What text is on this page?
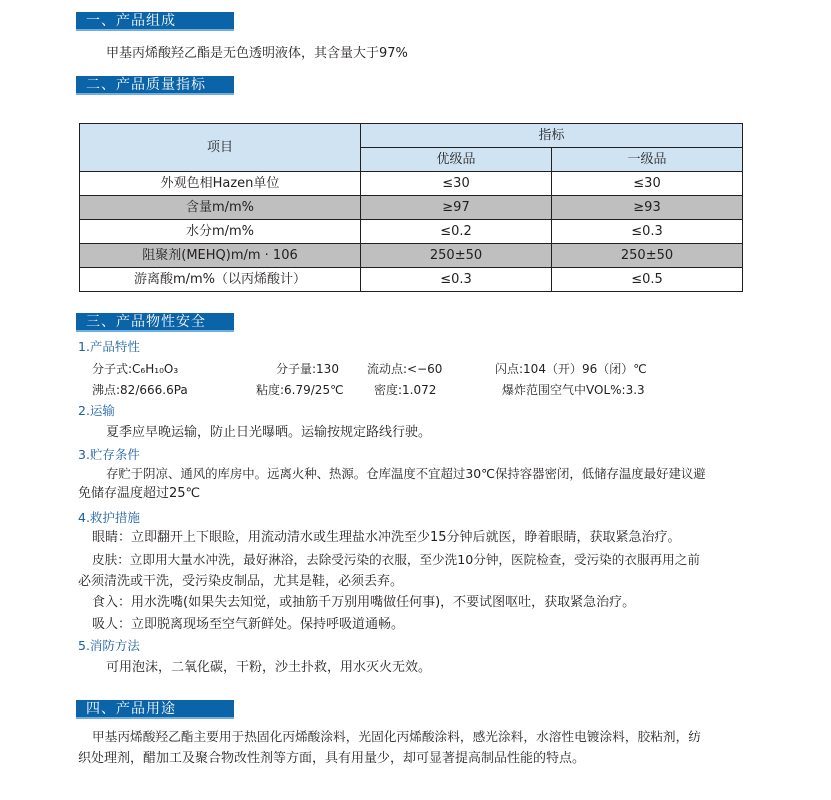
一、产品组成
甲基丙烯酸羟乙酯是无色透明液体，其含量大于97%
二、产品质量指标
项目	指标	
	优级品	一级品
外观色相Hazen单位	≤30	≤30
含量m/m%	≥97	≥93
水分m/m%	≤0.2	≤0.3
阻聚剂(MEHQ)m/m · 106	250±50	250±50
游离酸m/m%（以丙烯酸计）	≤0.3	≤0.5
三、产品物性安全
1.产品特性
分子式:C₆H₁₀O₃	分子量:130 流动点:<−60	闪点:104（开）96（闭）℃
沸点:82/666.6Pa	粘度:6.79/25℃	密度:1.072	爆炸范围空气中VOL%:3.3
2.运输
夏季应早晚运输，防止日光曝晒。运输按规定路线行驶。
3.贮存条件
存贮于阴凉、通风的库房中。远离火种、热源。仓库温度不宜超过30℃保持容器密闭，低储存温度最好建议避
免储存温度超过25℃
4.救护措施
眼睛：立即翻开上下眼睑，用流动清水或生理盐水冲洗至少15分钟后就医，睁着眼睛，获取紧急治疗。
皮肤：立即用大量水冲洗，最好淋浴，去除受污染的衣服，至少洗10分钟，医院检查，受污染的衣服再用之前
必须清洗或干洗，受污染皮制品，尤其是鞋，必须丢弃。
食入：用水洗嘴(如果失去知觉，或抽筋千万别用嘴做任何事)，不要试图呕吐，获取紧急治疗。
吸人：立即脱离现场至空气新鲜处。保持呼吸道通畅。
5.消防方法
可用泡沫，二氧化碳，干粉，沙土扑救，用水灭火无效。
四、产品用途
甲基丙烯酸羟乙酯主要用于热固化丙烯酸涂料，光固化丙烯酸涂料，感光涂料，水溶性电镀涂料，胶粘剂，纺
织处理剂，醋加工及聚合物改性剂等方面，具有用量少，却可显著提高制品性能的特点。
